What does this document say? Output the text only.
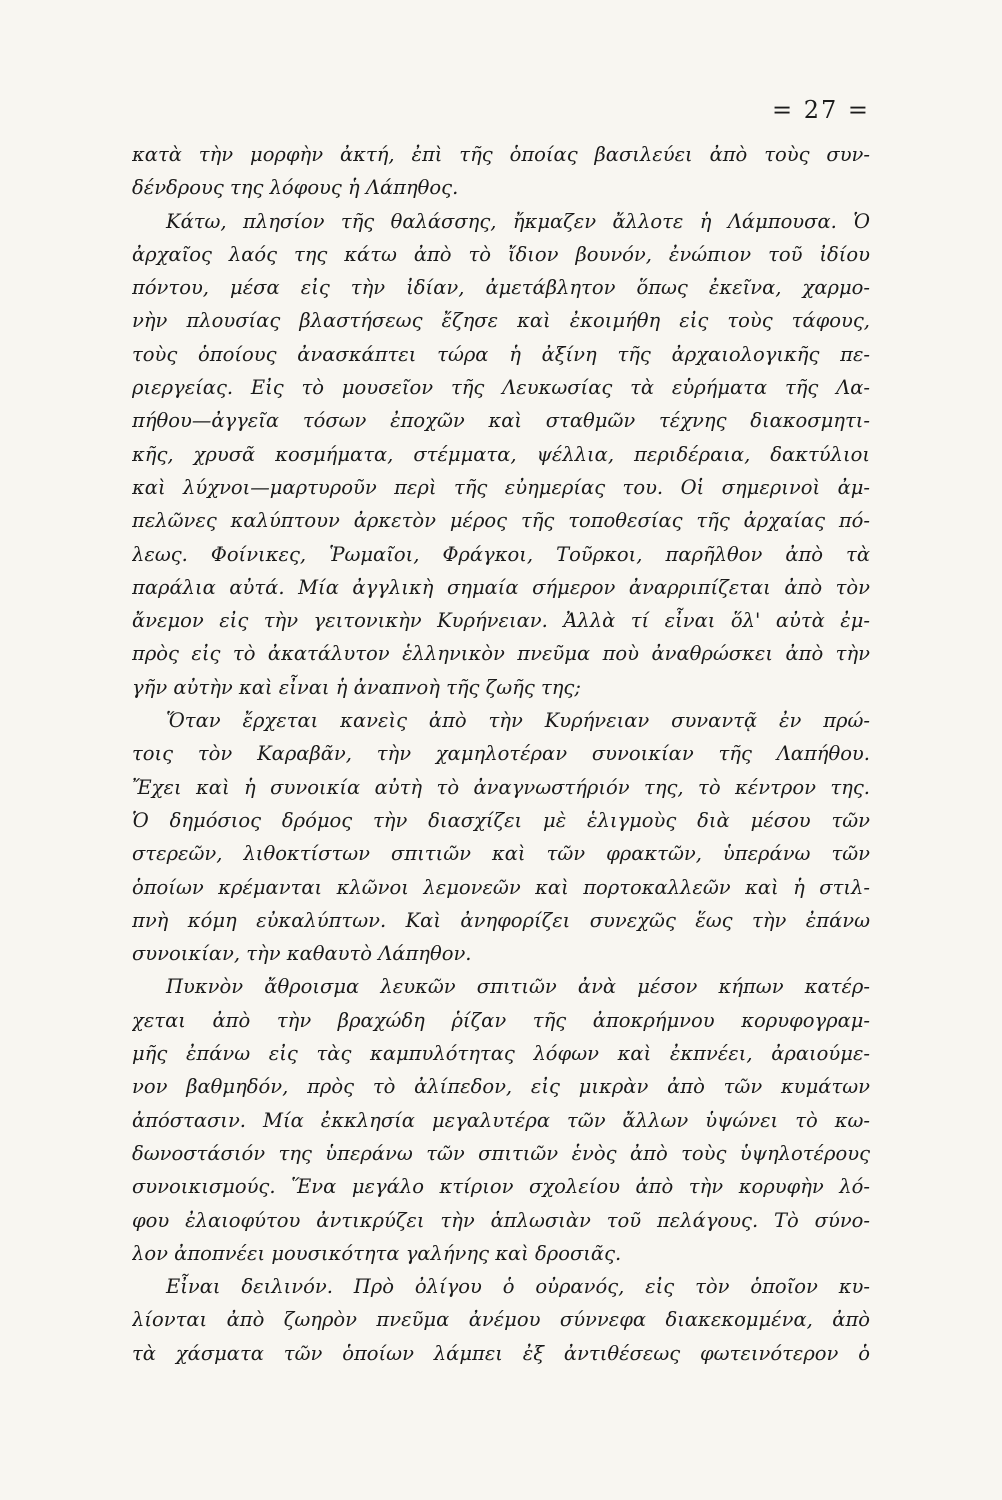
= 27 =
κατὰ τὴν μορφὴν ἀκτή, ἐπὶ τῆς ὁποίας βασιλεύει ἀπὸ τοὺς συν-
δένδρους της λόφους ἡ Λάπηθος.
Κάτω, πλησίον τῆς θαλάσσης, ἤκμαζεν ἄλλοτε ἡ Λάμπουσα. Ὁ
ἀρχαῖος λαός της κάτω ἀπὸ τὸ ἴδιον βουνόν, ἐνώπιον τοῦ ἰδίου
πόντου, μέσα εἰς τὴν ἰδίαν, ἀμετάβλητον ὅπως ἐκεῖνα, χαρμο-
νὴν πλουσίας βλαστήσεως ἔζησε καὶ ἐκοιμήθη εἰς τοὺς τάφους,
τοὺς ὁποίους ἀνασκάπτει τώρα ἡ ἀξίνη τῆς ἀρχαιολογικῆς πε-
ριεργείας. Εἰς τὸ μουσεῖον τῆς Λευκωσίας τὰ εὑρήματα τῆς Λα-
πήθου—ἀγγεῖα τόσων ἐποχῶν καὶ σταθμῶν τέχνης διακοσμητι-
κῆς, χρυσᾶ κοσμήματα, στέμματα, ψέλλια, περιδέραια, δακτύλιοι
καὶ λύχνοι—μαρτυροῦν περὶ τῆς εὐημερίας του. Οἱ σημερινοὶ ἀμ-
πελῶνες καλύπτουν ἀρκετὸν μέρος τῆς τοποθεσίας τῆς ἀρχαίας πό-
λεως. Φοίνικες, Ῥωμαῖοι, Φράγκοι, Τοῦρκοι, παρῆλθον ἀπὸ τὰ
παράλια αὐτά. Μία ἀγγλικὴ σημαία σήμερον ἀναρριπίζεται ἀπὸ τὸν
ἄνεμον εἰς τὴν γειτονικὴν Κυρήνειαν. Ἀλλὰ τί εἶναι ὅλ' αὐτὰ ἐμ-
πρὸς εἰς τὸ ἀκατάλυτον ἑλληνικὸν πνεῦμα ποὺ ἀναθρώσκει ἀπὸ τὴν
γῆν αὐτὴν καὶ εἶναι ἡ ἀναπνοὴ τῆς ζωῆς της;
Ὅταν ἔρχεται κανεὶς ἀπὸ τὴν Κυρήνειαν συναντᾷ ἐν πρώ-
τοις τὸν Καραβᾶν, τὴν χαμηλοτέραν συνοικίαν τῆς Λαπήθου.
Ἔχει καὶ ἡ συνοικία αὐτὴ τὸ ἀναγνωστήριόν της, τὸ κέντρον της.
Ὁ δημόσιος δρόμος τὴν διασχίζει μὲ ἑλιγμοὺς διὰ μέσου τῶν
στερεῶν, λιθοκτίστων σπιτιῶν καὶ τῶν φρακτῶν, ὑπεράνω τῶν
ὁποίων κρέμανται κλῶνοι λεμονεῶν καὶ πορτοκαλλεῶν καὶ ἡ στιλ-
πνὴ κόμη εὐκαλύπτων. Καὶ ἀνηφορίζει συνεχῶς ἕως τὴν ἐπάνω
συνοικίαν, τὴν καθαυτὸ Λάπηθον.
Πυκνὸν ἄθροισμα λευκῶν σπιτιῶν ἀνὰ μέσον κήπων κατέρ-
χεται ἀπὸ τὴν βραχώδη ῥίζαν τῆς ἀποκρήμνου κορυφογραμ-
μῆς ἐπάνω εἰς τὰς καμπυλότητας λόφων καὶ ἐκπνέει, ἀραιούμε-
νον βαθμηδόν, πρὸς τὸ ἀλίπεδον, εἰς μικρὰν ἀπὸ τῶν κυμάτων
ἀπόστασιν. Μία ἐκκλησία μεγαλυτέρα τῶν ἄλλων ὑψώνει τὸ κω-
δωνοστάσιόν της ὑπεράνω τῶν σπιτιῶν ἑνὸς ἀπὸ τοὺς ὑψηλοτέρους
συνοικισμούς. Ἕνα μεγάλο κτίριον σχολείου ἀπὸ τὴν κορυφὴν λό-
φου ἐλαιοφύτου ἀντικρύζει τὴν ἁπλωσιὰν τοῦ πελάγους. Τὸ σύνο-
λον ἀποπνέει μουσικότητα γαλήνης καὶ δροσιᾶς.
Εἶναι δειλινόν. Πρὸ ὀλίγου ὁ οὐρανός, εἰς τὸν ὁποῖον κυ-
λίονται ἀπὸ ζωηρὸν πνεῦμα ἀνέμου σύννεφα διακεκομμένα, ἀπὸ
τὰ χάσματα τῶν ὁποίων λάμπει ἐξ ἀντιθέσεως φωτεινότερον ὁ
